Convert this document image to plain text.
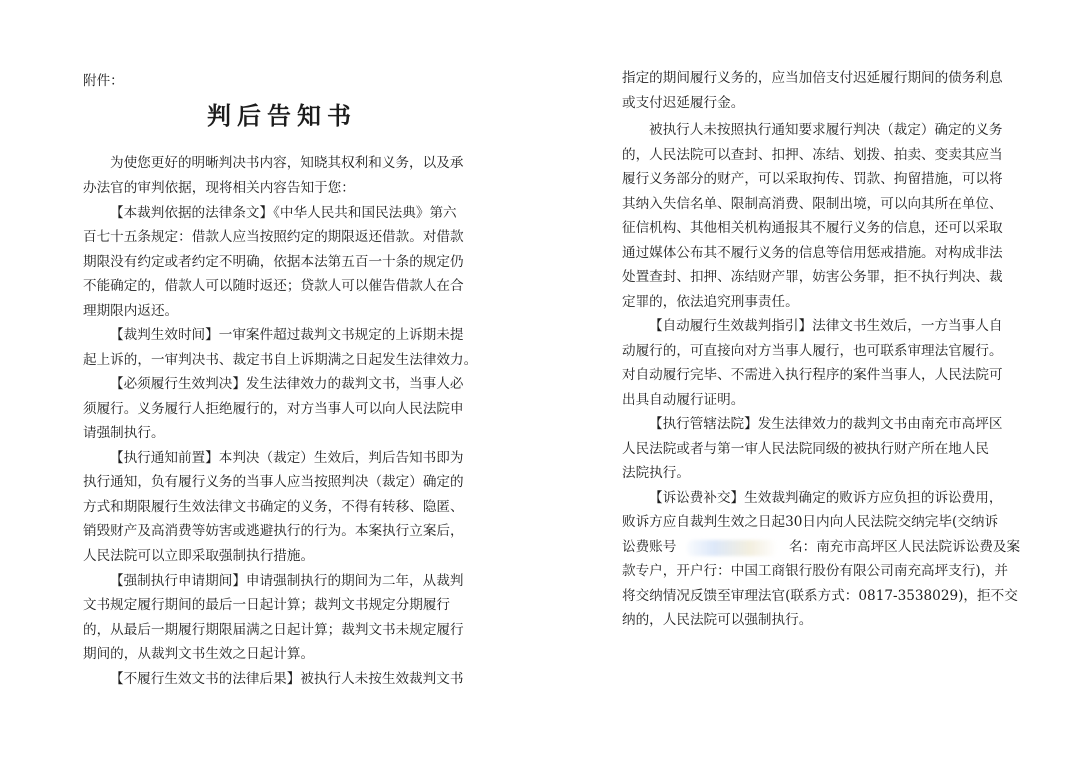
附件：
判后告知书
为使您更好的明晰判决书内容，知晓其权利和义务，以及承
办法官的审判依据，现将相关内容告知于您：
【本裁判依据的法律条文】《中华人民共和国民法典》第六
百七十五条规定：借款人应当按照约定的期限返还借款。对借款
期限没有约定或者约定不明确，依据本法第五百一十条的规定仍
不能确定的，借款人可以随时返还；贷款人可以催告借款人在合
理期限内返还。
【裁判生效时间】一审案件超过裁判文书规定的上诉期未提
起上诉的，一审判决书、裁定书自上诉期满之日起发生法律效力。
【必须履行生效判决】发生法律效力的裁判文书，当事人必
须履行。义务履行人拒绝履行的，对方当事人可以向人民法院申
请强制执行。
【执行通知前置】本判决（裁定）生效后，判后告知书即为
执行通知，负有履行义务的当事人应当按照判决（裁定）确定的
方式和期限履行生效法律文书确定的义务，不得有转移、隐匿、
销毁财产及高消费等妨害或逃避执行的行为。本案执行立案后，
人民法院可以立即采取强制执行措施。
【强制执行申请期间】申请强制执行的期间为二年，从裁判
文书规定履行期间的最后一日起计算；裁判文书规定分期履行
的，从最后一期履行期限届满之日起计算；裁判文书未规定履行
期间的，从裁判文书生效之日起计算。
【不履行生效文书的法律后果】被执行人未按生效裁判文书
指定的期间履行义务的，应当加倍支付迟延履行期间的债务利息
或支付迟延履行金。
被执行人未按照执行通知要求履行判决（裁定）确定的义务
的，人民法院可以查封、扣押、冻结、划拨、拍卖、变卖其应当
履行义务部分的财产，可以采取拘传、罚款、拘留措施，可以将
其纳入失信名单、限制高消费、限制出境，可以向其所在单位、
征信机构、其他相关机构通报其不履行义务的信息，还可以采取
通过媒体公布其不履行义务的信息等信用惩戒措施。对构成非法
处置查封、扣押、冻结财产罪，妨害公务罪，拒不执行判决、裁
定罪的，依法追究刑事责任。
【自动履行生效裁判指引】法律文书生效后，一方当事人自
动履行的，可直接向对方当事人履行，也可联系审理法官履行。
对自动履行完毕、不需进入执行程序的案件当事人，人民法院可
出具自动履行证明。
【执行管辖法院】发生法律效力的裁判文书由南充市高坪区
人民法院或者与第一审人民法院同级的被执行财产所在地人民
法院执行。
【诉讼费补交】生效裁判确定的败诉方应负担的诉讼费用，
败诉方应自裁判生效之日起30日内向人民法院交纳完毕(交纳诉
讼费账号	名：南充市高坪区人民法院诉讼费及案
款专户，开户行：中国工商银行股份有限公司南充高坪支行)，并
将交纳情况反馈至审理法官(联系方式：0817-3538029)，拒不交
纳的，人民法院可以强制执行。
